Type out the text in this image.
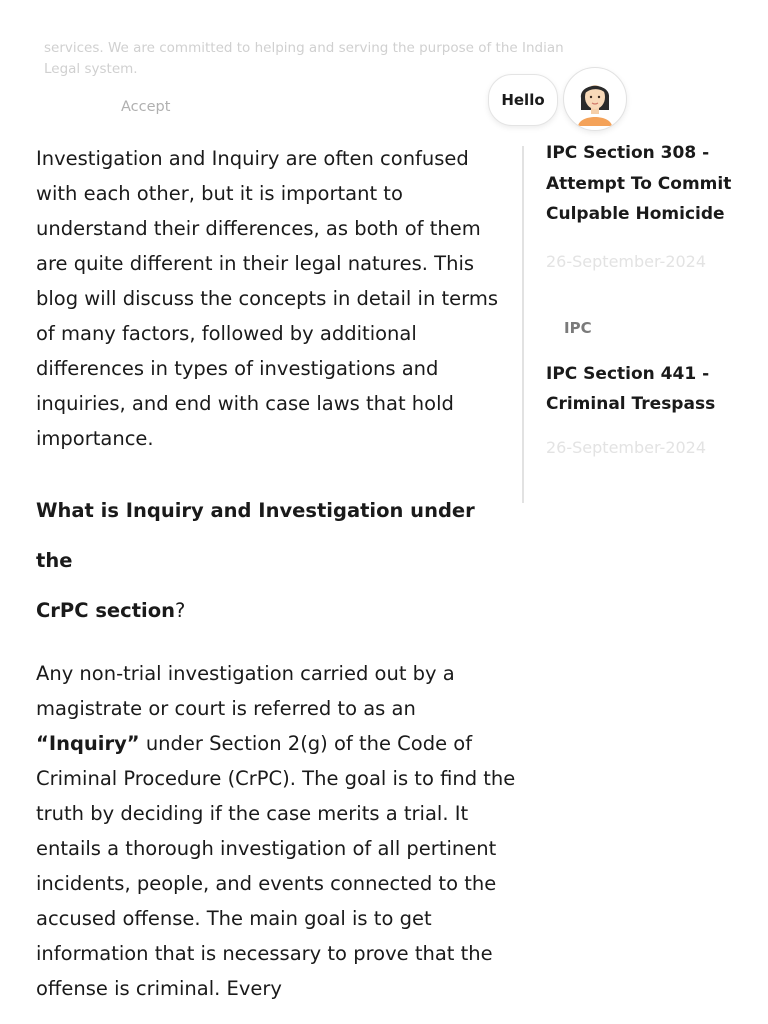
services. We are committed to helping and serving the purpose of the Indian

Legal system.

Accept	Hello

Investigation and Inquiry are often confused with each other, but it is important to understand their differences, as both of them are quite different in their legal natures. This blog will discuss the concepts in detail in terms of many factors, followed by additional differences in types of investigations and inquiries, and end with case laws that hold importance.

What is Inquiry and Investigation under the
CrPC section?

Any non-trial investigation carried out by a magistrate or court is referred to as an “Inquiry” under Section 2(g) of the Code of Criminal Procedure (CrPC). The goal is to find the truth by deciding if the case merits a trial. It entails a thorough investigation of all pertinent incidents, people, and events connected to the accused offense. The main goal is to get information that is necessary to prove that the offense is criminal. Every

IPC Section 308 - Attempt To Commit Culpable Homicide

26-September-2024

IPC

IPC Section 441 - Criminal Trespass

26-September-2024
